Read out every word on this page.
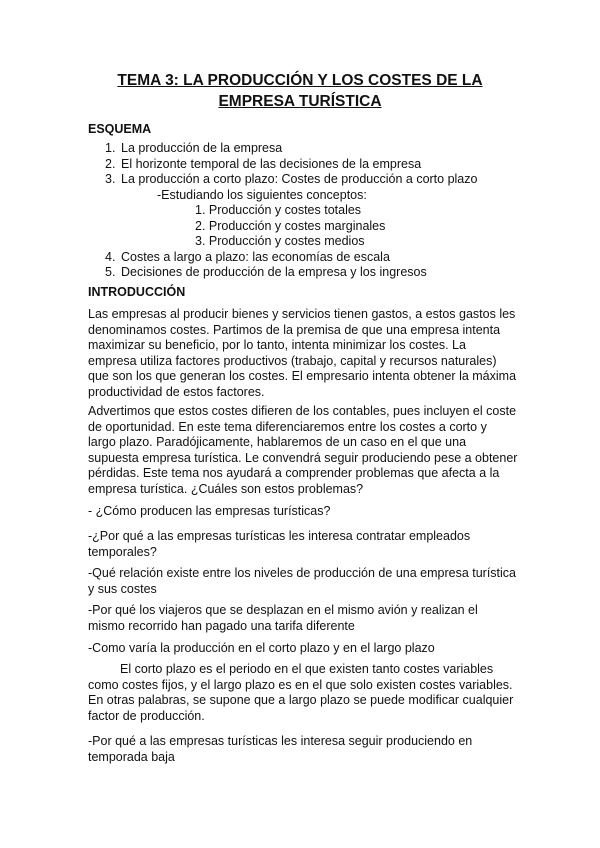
TEMA 3: LA PRODUCCIÓN Y LOS COSTES DE LA
EMPRESA TURÍSTICA

ESQUEMA

1. La producción de la empresa
2. El horizonte temporal de las decisiones de la empresa
3. La producción a corto plazo: Costes de producción a corto plazo
-Estudiando los siguientes conceptos:
1. Producción y costes totales
2. Producción y costes marginales
3. Producción y costes medios
4. Costes a largo a plazo: las economías de escala
5. Decisiones de producción de la empresa y los ingresos

INTRODUCCIÓN

Las empresas al producir bienes y servicios tienen gastos, a estos gastos les denominamos costes. Partimos de la premisa de que una empresa intenta maximizar su beneficio, por lo tanto, intenta minimizar los costes. La empresa utiliza factores productivos (trabajo, capital y recursos naturales) que son los que generan los costes. El empresario intenta obtener la máxima productividad de estos factores.

Advertimos que estos costes difieren de los contables, pues incluyen el coste de oportunidad. En este tema diferenciaremos entre los costes a corto y largo plazo. Paradójicamente, hablaremos de un caso en el que una supuesta empresa turística. Le convendrá seguir produciendo pese a obtener pérdidas. Este tema nos ayudará a comprender problemas que afecta a la empresa turística. ¿Cuáles son estos problemas?

- ¿Cómo producen las empresas turísticas?

-¿Por qué a las empresas turísticas les interesa contratar empleados temporales?

-Qué relación existe entre los niveles de producción de una empresa turística y sus costes

-Por qué los viajeros que se desplazan en el mismo avión y realizan el mismo recorrido han pagado una tarifa diferente

-Como varía la producción en el corto plazo y en el largo plazo

El corto plazo es el periodo en el que existen tanto costes variables como costes fijos, y el largo plazo es en el que solo existen costes variables. En otras palabras, se supone que a largo plazo se puede modificar cualquier factor de producción.

-Por qué a las empresas turísticas les interesa seguir produciendo en temporada baja
